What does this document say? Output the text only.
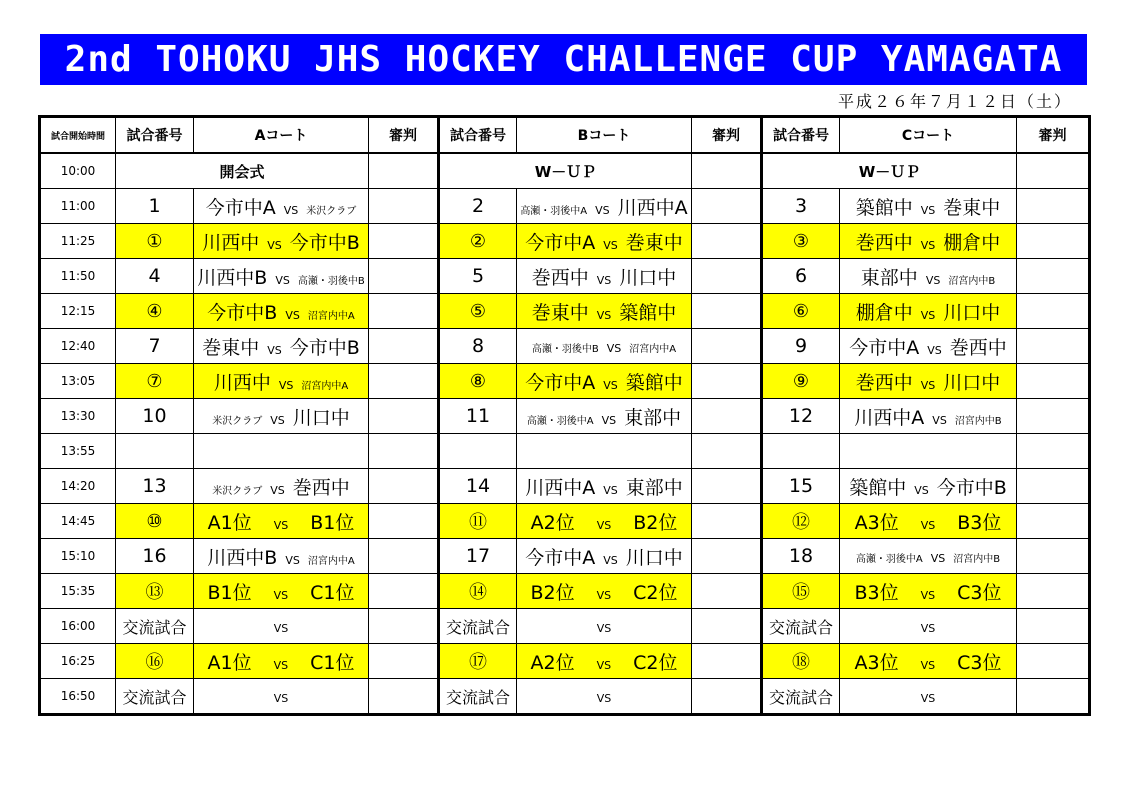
2nd TOHOKU JHS HOCKEY CHALLENGE CUP YAMAGATA
平成２６年７月１２日（土）
試合開始時間	試合番号	Aコート	審判	試合番号	Bコート	審判	試合番号	Cコート	審判
10:00	開会式			W－ＵＰ			W－ＵＰ		
11:00	1	今市中A VS 米沢クラブ		2	高瀬・羽後中A VS 川西中A		3	築館中 VS 巻東中	
11:25	①	川西中 VS 今市中B		②	今市中A VS 巻東中		③	巻西中 VS 棚倉中	
11:50	4	川西中B VS 高瀬・羽後中B		5	巻西中 VS 川口中		6	東部中 VS 沼宮内中B	
12:15	④	今市中B VS 沼宮内中A		⑤	巻東中 VS 築館中		⑥	棚倉中 VS 川口中	
12:40	7	巻東中 VS 今市中B		8	高瀬・羽後中B VS 沼宮内中A		9	今市中A VS 巻西中	
13:05	⑦	川西中 VS 沼宮内中A		⑧	今市中A VS 築館中		⑨	巻西中 VS 川口中	
13:30	10	米沢クラブ VS 川口中		11	高瀬・羽後中A VS 東部中		12	川西中A VS 沼宮内中B	
13:55									
14:20	13	米沢クラブ VS 巻西中		14	川西中A VS 東部中		15	築館中 VS 今市中B	
14:45	⑩	A1位 VS B1位		⑪	A2位 VS B2位		⑫	A3位 VS B3位	
15:10	16	川西中B VS 沼宮内中A		17	今市中A VS 川口中		18	高瀬・羽後中A VS 沼宮内中B	
15:35	⑬	B1位 VS C1位		⑭	B2位 VS C2位		⑮	B3位 VS C3位	
16:00	交流試合	VS		交流試合	VS		交流試合	VS	
16:25	⑯	A1位 VS C1位		⑰	A2位 VS C2位		⑱	A3位 VS C3位	
16:50	交流試合	VS		交流試合	VS		交流試合	VS	
